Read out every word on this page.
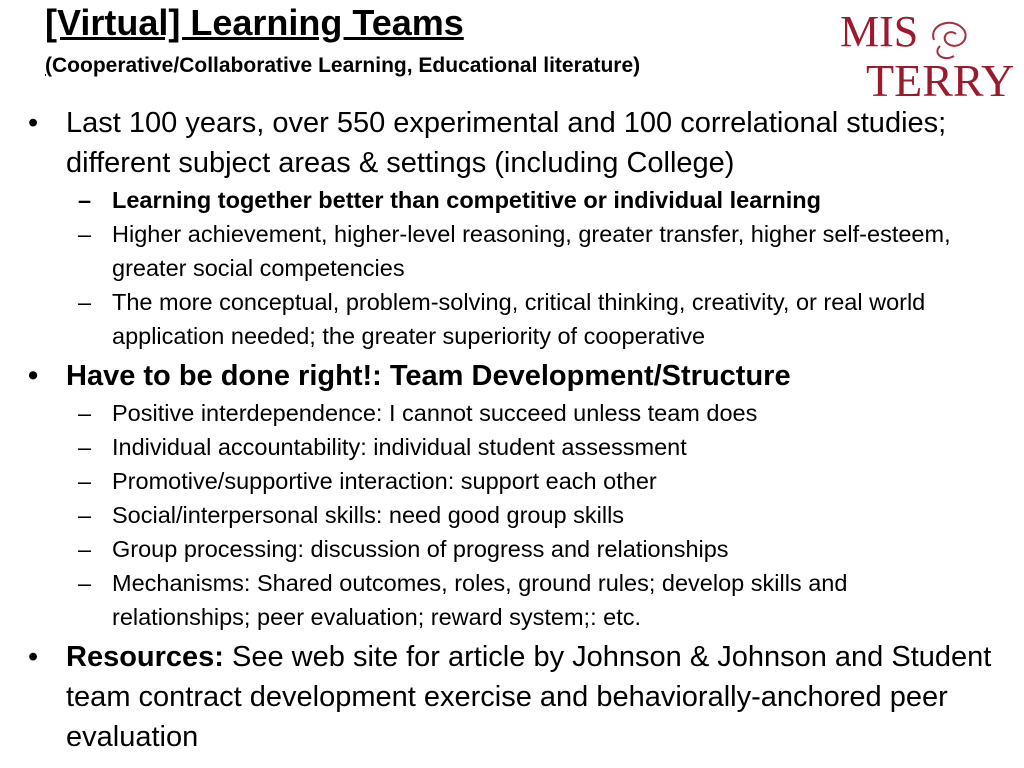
[Virtual] Learning Teams
(Cooperative/Collaborative Learning, Educational literature)
MIS
TERRY
• Last 100 years, over 550 experimental and 100 correlational studies; different subject areas & settings (including College)
– Learning together better than competitive or individual learning
– Higher achievement, higher-level reasoning, greater transfer, higher self-esteem, greater social competencies
– The more conceptual, problem-solving, critical thinking, creativity, or real world application needed; the greater superiority of cooperative
• Have to be done right!: Team Development/Structure
– Positive interdependence: I cannot succeed unless team does
– Individual accountability: individual student assessment
– Promotive/supportive interaction: support each other
– Social/interpersonal skills: need good group skills
– Group processing: discussion of progress and relationships
– Mechanisms: Shared outcomes, roles, ground rules; develop skills and relationships; peer evaluation; reward system;: etc.
• Resources: See web site for article by Johnson & Johnson and Student team contract development exercise and behaviorally-anchored peer evaluation
